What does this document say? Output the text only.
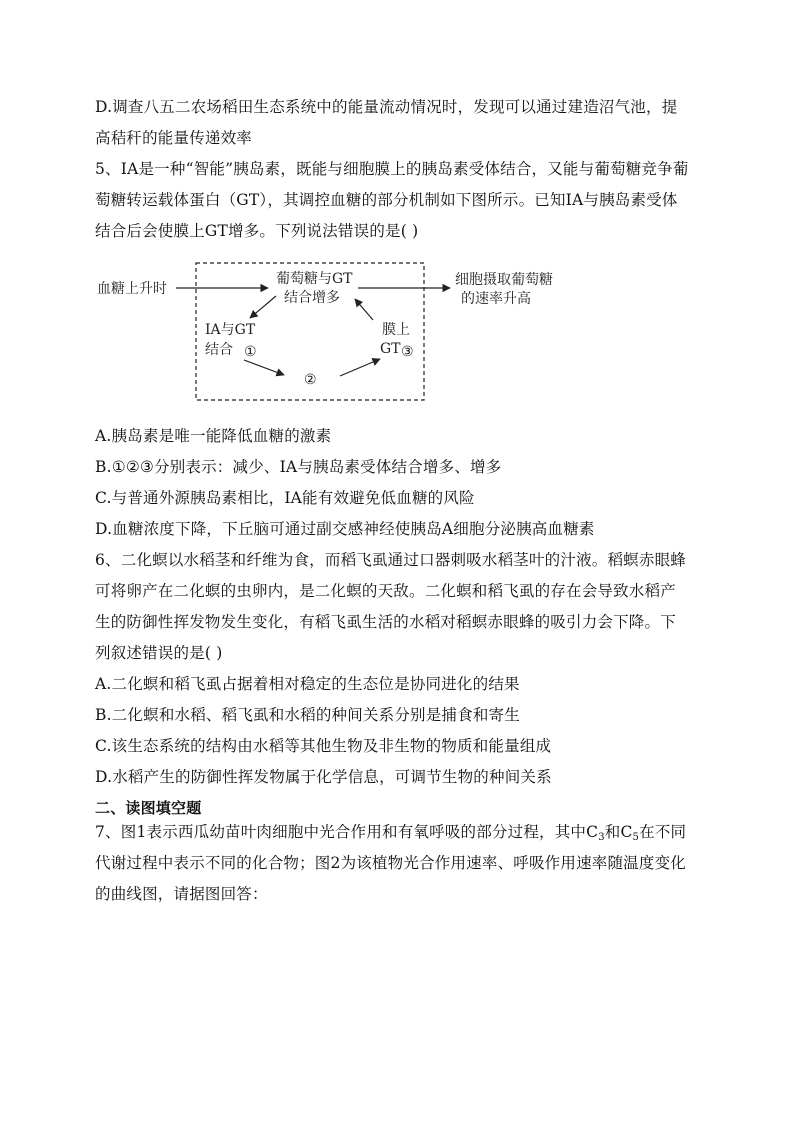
D.调查八五二农场稻田生态系统中的能量流动情况时，发现可以通过建造沼气池，提
高秸秆的能量传递效率
5、IA是一种“智能”胰岛素，既能与细胞膜上的胰岛素受体结合，又能与葡萄糖竞争葡
萄糖转运载体蛋白（GT），其调控血糖的部分机制如下图所示。已知IA与胰岛素受体
结合后会使膜上GT增多。下列说法错误的是( )
血糖上升时
葡萄糖与GT
结合增多
细胞摄取葡萄糖
的速率升高
IA与GT
结合 ①
膜上
GT ③
②
A.胰岛素是唯一能降低血糖的激素
B.①②③分别表示：减少、IA与胰岛素受体结合增多、增多
C.与普通外源胰岛素相比，IA能有效避免低血糖的风险
D.血糖浓度下降，下丘脑可通过副交感神经使胰岛A细胞分泌胰高血糖素
6、二化螟以水稻茎和纤维为食，而稻飞虱通过口器刺吸水稻茎叶的汁液。稻螟赤眼蜂
可将卵产在二化螟的虫卵内，是二化螟的天敌。二化螟和稻飞虱的存在会导致水稻产
生的防御性挥发物发生变化，有稻飞虱生活的水稻对稻螟赤眼蜂的吸引力会下降。下
列叙述错误的是( )
A.二化螟和稻飞虱占据着相对稳定的生态位是协同进化的结果
B.二化螟和水稻、稻飞虱和水稻的种间关系分别是捕食和寄生
C.该生态系统的结构由水稻等其他生物及非生物的物质和能量组成
D.水稻产生的防御性挥发物属于化学信息，可调节生物的种间关系
二、读图填空题
7、图1表示西瓜幼苗叶肉细胞中光合作用和有氧呼吸的部分过程，其中$C_3$和$C_5$在不同
代谢过程中表示不同的化合物；图2为该植物光合作用速率、呼吸作用速率随温度变化
的曲线图，请据图回答：
